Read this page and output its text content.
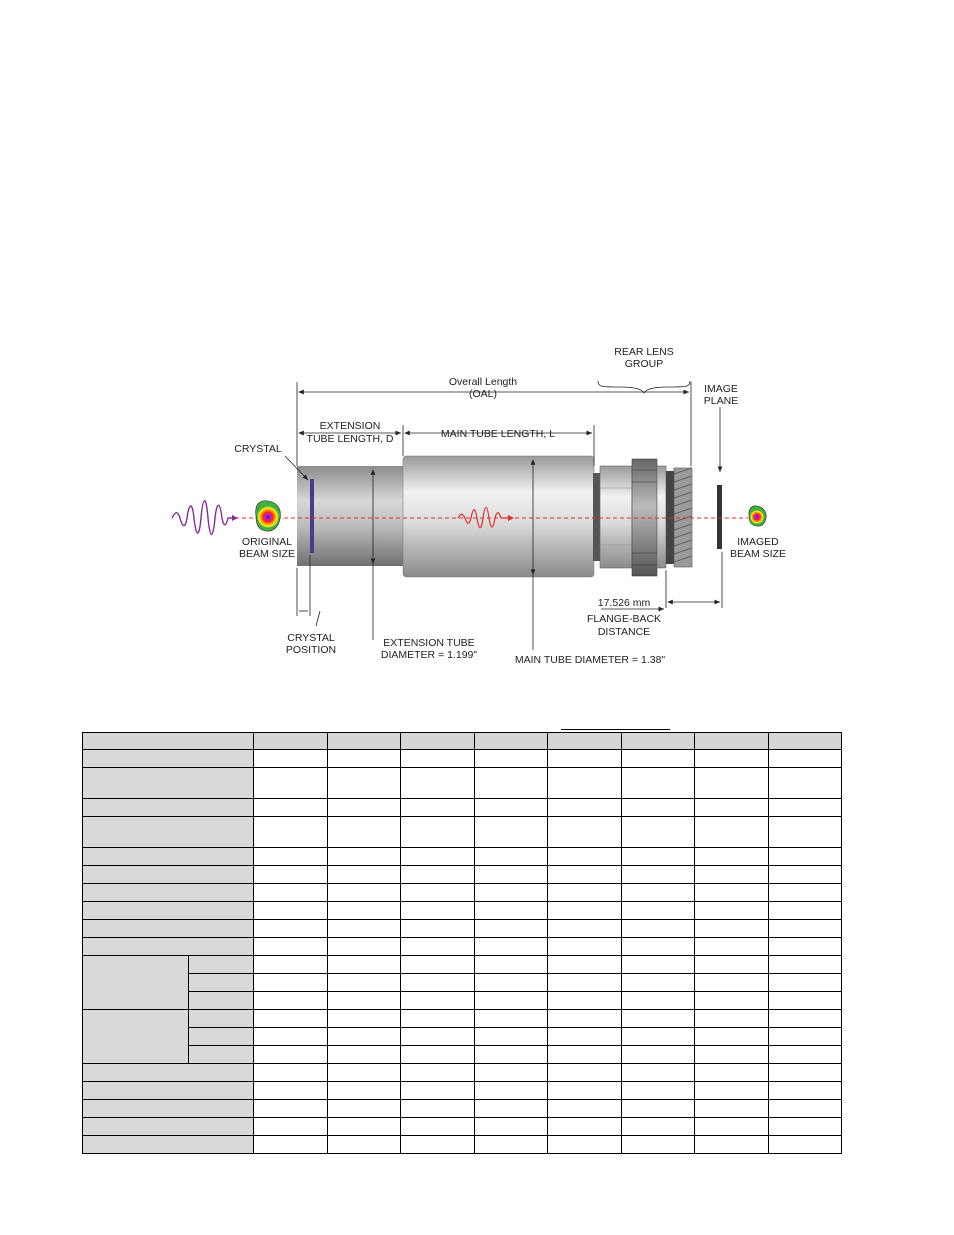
REAR LENS
GROUP
IMAGE
PLANE
Overall Length
(OAL)
EXTENSION
TUBE LENGTH, D	MAIN TUBE LENGTH, L
CRYSTAL
ORIGINAL
BEAM SIZE
IMAGED
BEAM SIZE
17.526 mm
FLANGE-BACK
DISTANCE
CRYSTAL
POSITION
EXTENSION TUBE
DIAMETER = 1.199"	MAIN TUBE DIAMETER = 1.38"
